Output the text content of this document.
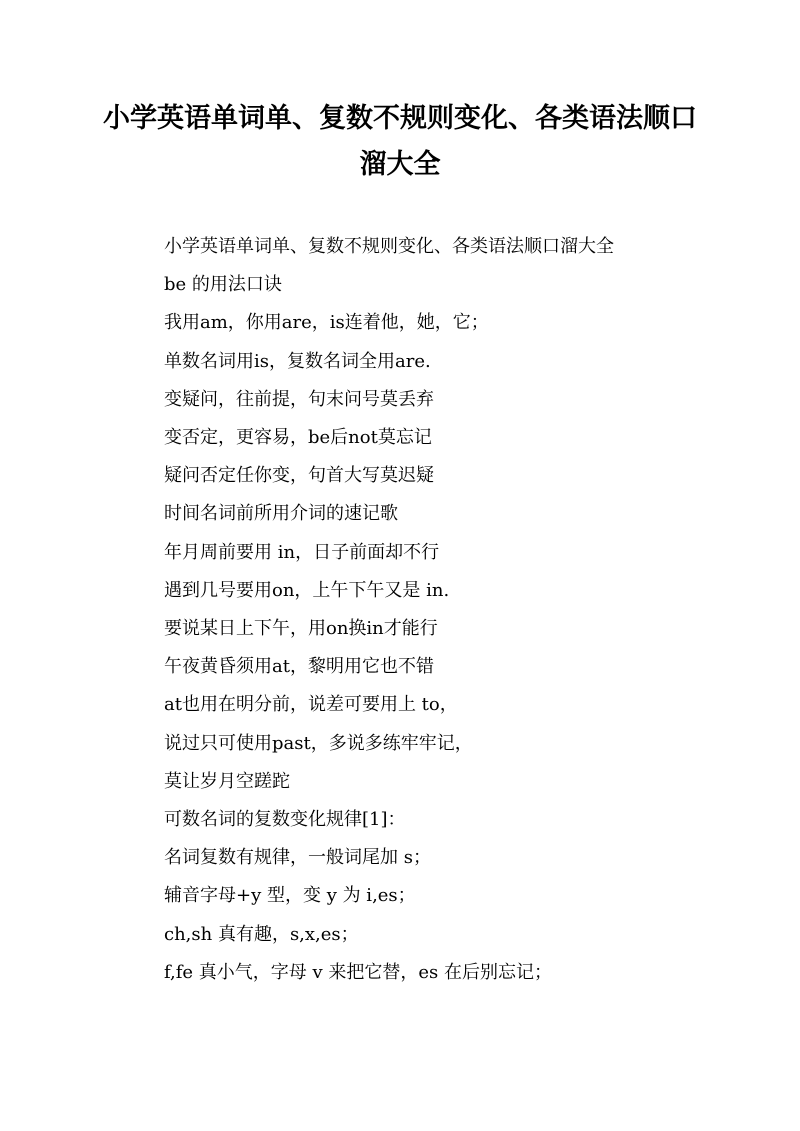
小学英语单词单、复数不规则变化、各类语法顺口溜大全

小学英语单词单、复数不规则变化、各类语法顺口溜大全

be 的用法口诀

我用am，你用are，is连着他，她，它；

单数名词用is，复数名词全用are.

变疑问，往前提，句末问号莫丢弃

变否定，更容易，be后not莫忘记

疑问否定任你变，句首大写莫迟疑

时间名词前所用介词的速记歌

年月周前要用 in，日子前面却不行

遇到几号要用on，上午下午又是 in.

要说某日上下午，用on换in才能行

午夜黄昏须用at，黎明用它也不错

at也用在明分前，说差可要用上 to，

说过只可使用past，多说多练牢牢记，

莫让岁月空蹉跎

可数名词的复数变化规律[1]：

名词复数有规律，一般词尾加 s；

辅音字母+y 型，变 y 为 i,es；

ch,sh 真有趣，s,x,es；

f,fe 真小气，字母 v 来把它替，es 在后别忘记；
